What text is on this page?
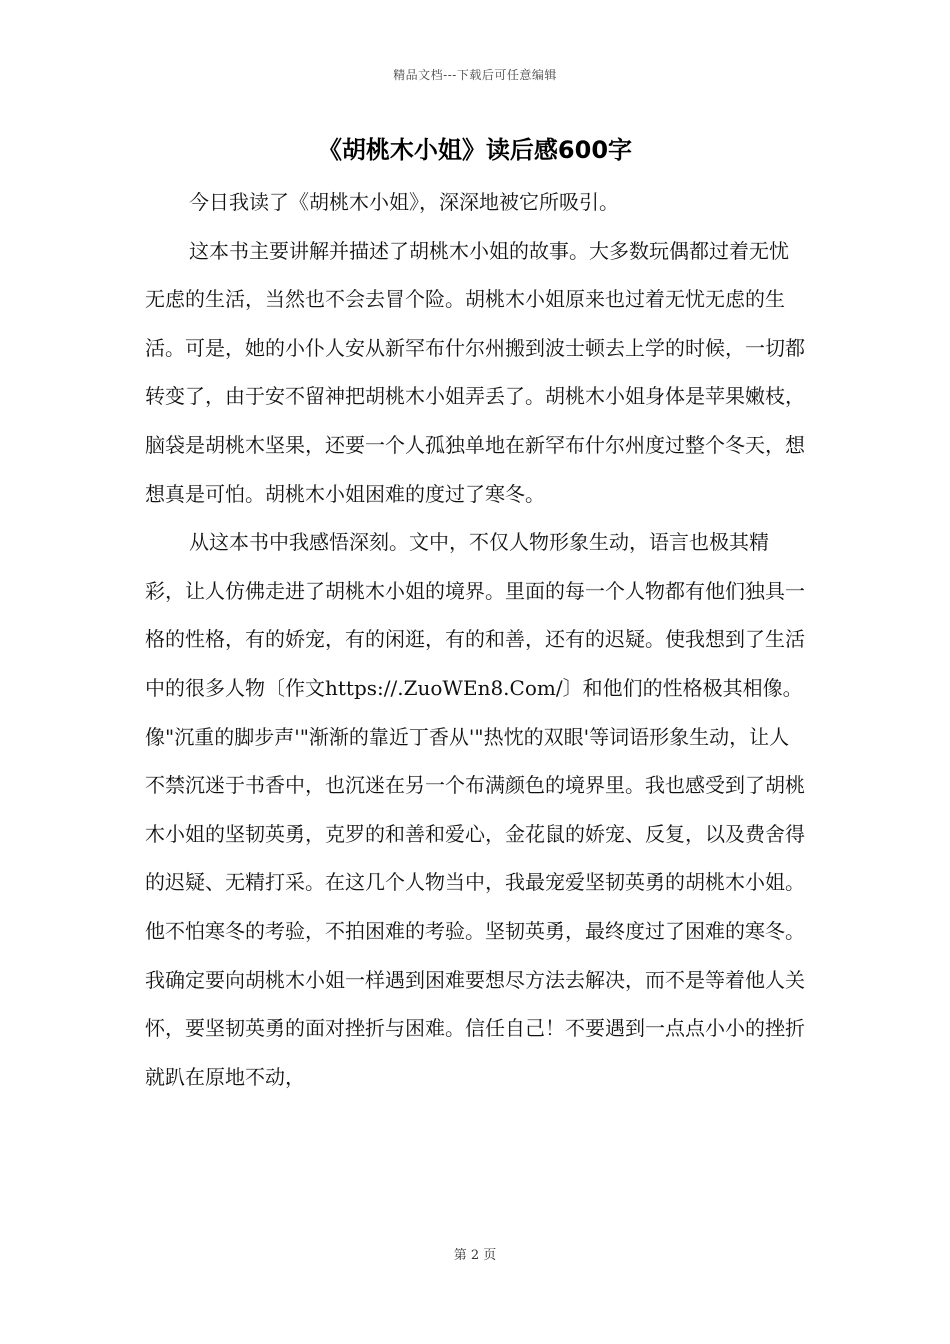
精品文档---下载后可任意编辑
《胡桃木小姐》读后感600字

今日我读了《胡桃木小姐》，深深地被它所吸引。

这本书主要讲解并描述了胡桃木小姐的故事。大多数玩偶都过着无忧无虑的生活，当然也不会去冒个险。胡桃木小姐原来也过着无忧无虑的生活。可是，她的小仆人安从新罕布什尔州搬到波士顿去上学的时候，一切都转变了，由于安不留神把胡桃木小姐弄丢了。胡桃木小姐身体是苹果嫩枝，脑袋是胡桃木坚果，还要一个人孤独单地在新罕布什尔州度过整个冬天，想想真是可怕。胡桃木小姐困难的度过了寒冬。

从这本书中我感悟深刻。文中，不仅人物形象生动，语言也极其精彩，让人仿佛走进了胡桃木小姐的境界。里面的每一个人物都有他们独具一格的性格，有的娇宠，有的闲逛，有的和善，还有的迟疑。使我想到了生活中的很多人物〔作文https://.ZuoWEn8.Com/〕和他们的性格极其相像。像"沉重的脚步声'"渐渐的靠近丁香从'"热忱的双眼'等词语形象生动，让人不禁沉迷于书香中，也沉迷在另一个布满颜色的境界里。我也感受到了胡桃木小姐的坚韧英勇，克罗的和善和爱心，金花鼠的娇宠、反复，以及费舍得的迟疑、无精打采。在这几个人物当中，我最宠爱坚韧英勇的胡桃木小姐。他不怕寒冬的考验，不拍困难的考验。坚韧英勇，最终度过了困难的寒冬。我确定要向胡桃木小姐一样遇到困难要想尽方法去解决，而不是等着他人关怀，要坚韧英勇的面对挫折与困难。信任自己！不要遇到一点点小小的挫折就趴在原地不动，

第 2 页
